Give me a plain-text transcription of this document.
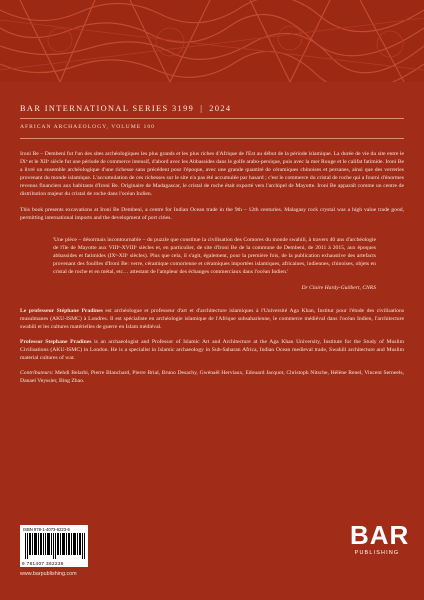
BAR INTERNATIONAL SERIES 3199 | 2024
AFRICAN ARCHAEOLOGY, VOLUME 100

Ironi Be – Dembeni fut l'un des sites archéologiques les plus grands et les plus riches d'Afrique de l'Est au début de la période islamique. La durée de vie du site entre le IXᵉ et le XIIᵉ siècle fut une période de commerce intensif, d'abord avec les Abbassides dans le golfe arabo-persique, puis avec la mer Rouge et le califat fatimide. Ironi Be a livré un ensemble archéologique d'une richesse sans précédent pour l'époque, avec une grande quantité de céramiques chinoises et persanes, ainsi que des verreries provenant du monde islamique. L'accumulation de ces richesses sur le site n'a pas été accumulée par hasard ; c'est le commerce du cristal de roche qui a fourni d'énormes revenus financiers aux habitants d'Ironi Be. Originaire de Madagascar, le cristal de roche était exporté vers l'archipel de Mayotte. Ironi Be apparaît comme un centre de distribution majeur du cristal de roche dans l'océan Indien.

This book presents excavations at Ironi Be Dembeni, a centre for Indian Ocean trade in the 9th – 12th centuries. Malagasy rock crystal was a high value trade good, permitting international imports and the development of port cities.

'Une pièce – désormais incontournable – du puzzle que constitue la civilisation des Comores du monde swahili, à travers 40 ans d'archéologie de l'île de Mayotte aux VIIIᵉ-XVIIIᵉ siècles et, en particulier, de site d'Ironi Be de la commune de Dembeni, de 2011 à 2015, aux époques abbassides et fatimides (IXᵉ-XIIᵉ siècles). Plus que cela, il s'agit, également, pour la première fois, de la publication exhaustive des artefacts provenant des fouilles d'Ironi Be: verre, céramique comorienne et céramiques importées islamiques, africaines, indiennes, chinoises, objets en cristal de roche et en métal, etc… attestant de l'ampleur des échanges commerciaux dans l'océan Indien.'

Dr Claire Hardy-Guilbert, CNRS

Le professeur Stéphane Pradines est archéologue et professeur d'art et d'architecture islamiques à l'Université Aga Khan, Institut pour l'étude des civilisations musulmanes (AKU-ISMC) à Londres. Il est spécialiste en archéologie islamique de l'Afrique subsaharienne, le commerce médiéval dans l'océan Indien, l'architecture swahili et les cultures matérielles de guerre en Islam médiéval.

Professor Stephane Pradines is an archaeologist and Professor of Islamic Art and Architecture at the Aga Khan University, Institute for the Study of Muslim Civilisations (AKU-ISMC) in London. He is a specialist in Islamic archaeology in Sub-Saharan Africa, Indian Ocean medieval trade, Swahili architecture and Muslim material cultures of war.

Contributeurs: Mehdi Belarbi, Pierre Blanchard, Pierre Brial, Bruno Desachy, Gwénaël Herviaux, Edouard Jacquot, Christoph Nitsche, Hélène Renel, Vincent Serneels, Danael Veyssier, Bing Zhao.

ISBN 978-1-4073-6223-6
9 781407 362236
www.barpublishing.com
BAR
PUBLISHING
